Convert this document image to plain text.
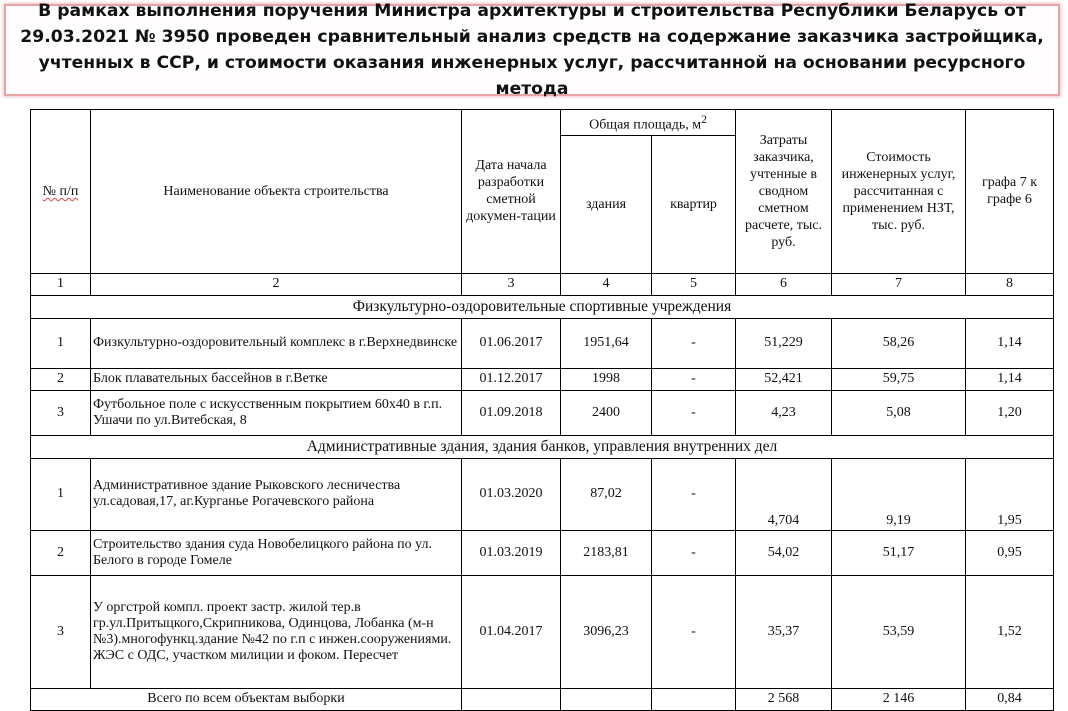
В рамках выполнения поручения Министра архитектуры и строительства Республики Беларусь от 29.03.2021 № 3950 проведен сравнительный анализ средств на содержание заказчика застройщика, учтенных в ССР, и стоимости оказания инженерных услуг, рассчитанной на основании ресурсного метода
№ п/п	Наименование объекта строительства	Дата начала разработки сметной докумен-тации	Общая площадь, $м^2$		Затраты заказчика, учтенные в сводном сметном расчете, тыс. руб.	Стоимость инженерных услуг, рассчитанная с применением НЗТ, тыс. руб.	графа 7 к графе 6
			здания	квартир			
1	2	3	4	5	6	7	8
Физкультурно-оздоровительные спортивные учреждения							
1	Физкультурно-оздоровительный комплекс в г.Верхнедвинске	01.06.2017	1951,64	-	51,229	58,26	1,14
2	Блок плавательных бассейнов в г.Ветке	01.12.2017	1998	-	52,421	59,75	1,14
3	Футбольное поле с искусственным покрытием 60х40 в г.п. Ушачи по ул.Витебская, 8	01.09.2018	2400	-	4,23	5,08	1,20
Административные здания, здания банков, управления внутренних дел							
1	Административное здание Рыковского лесничества ул.садовая,17, аг.Курганье Рогачевского района	01.03.2020	87,02	-	4,704	9,19	1,95
2	Строительство здания суда Новобелицкого района по ул. Белого в городе Гомеле	01.03.2019	2183,81	-	54,02	51,17	0,95
3	У оргстрой компл. проект застр. жилой тер.в гр.ул.Притыцкого,Скрипникова, Одинцова, Лобанка (м-н №3).многофункц.здание №42 по г.п с инжен.сооружениями. ЖЭС с ОДС, участком милиции и фоком. Пересчет	01.04.2017	3096,23	-	35,37	53,59	1,52
Всего по всем объектам выборки					2 568	2 146	0,84
